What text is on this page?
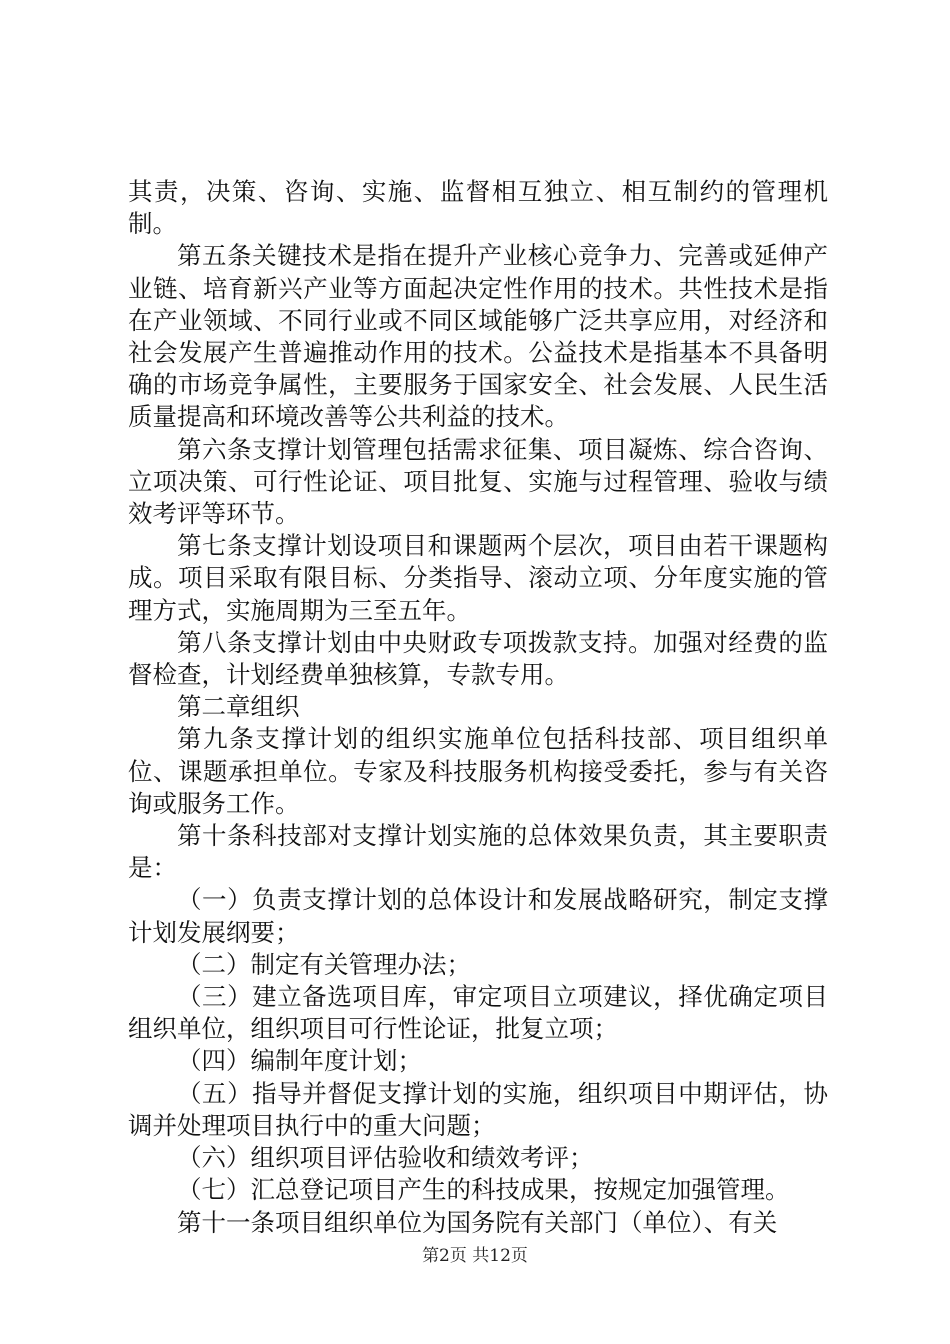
其责，决策、咨询、实施、监督相互独立、相互制约的管理机制。

第五条关键技术是指在提升产业核心竞争力、完善或延伸产业链、培育新兴产业等方面起决定性作用的技术。共性技术是指在产业领域、不同行业或不同区域能够广泛共享应用，对经济和社会发展产生普遍推动作用的技术。公益技术是指基本不具备明确的市场竞争属性，主要服务于国家安全、社会发展、人民生活质量提高和环境改善等公共利益的技术。

第六条支撑计划管理包括需求征集、项目凝炼、综合咨询、立项决策、可行性论证、项目批复、实施与过程管理、验收与绩效考评等环节。

第七条支撑计划设项目和课题两个层次，项目由若干课题构成。项目采取有限目标、分类指导、滚动立项、分年度实施的管理方式，实施周期为三至五年。

第八条支撑计划由中央财政专项拨款支持。加强对经费的监督检查，计划经费单独核算，专款专用。

第二章组织

第九条支撑计划的组织实施单位包括科技部、项目组织单位、课题承担单位。专家及科技服务机构接受委托，参与有关咨询或服务工作。

第十条科技部对支撑计划实施的总体效果负责，其主要职责是：

（一）负责支撑计划的总体设计和发展战略研究，制定支撑计划发展纲要；

（二）制定有关管理办法；

（三）建立备选项目库，审定项目立项建议，择优确定项目组织单位，组织项目可行性论证，批复立项；

（四）编制年度计划；

（五）指导并督促支撑计划的实施，组织项目中期评估，协调并处理项目执行中的重大问题；

（六）组织项目评估验收和绩效考评；

（七）汇总登记项目产生的科技成果，按规定加强管理。

第十一条项目组织单位为国务院有关部门（单位）、有关

第2页 共12页
